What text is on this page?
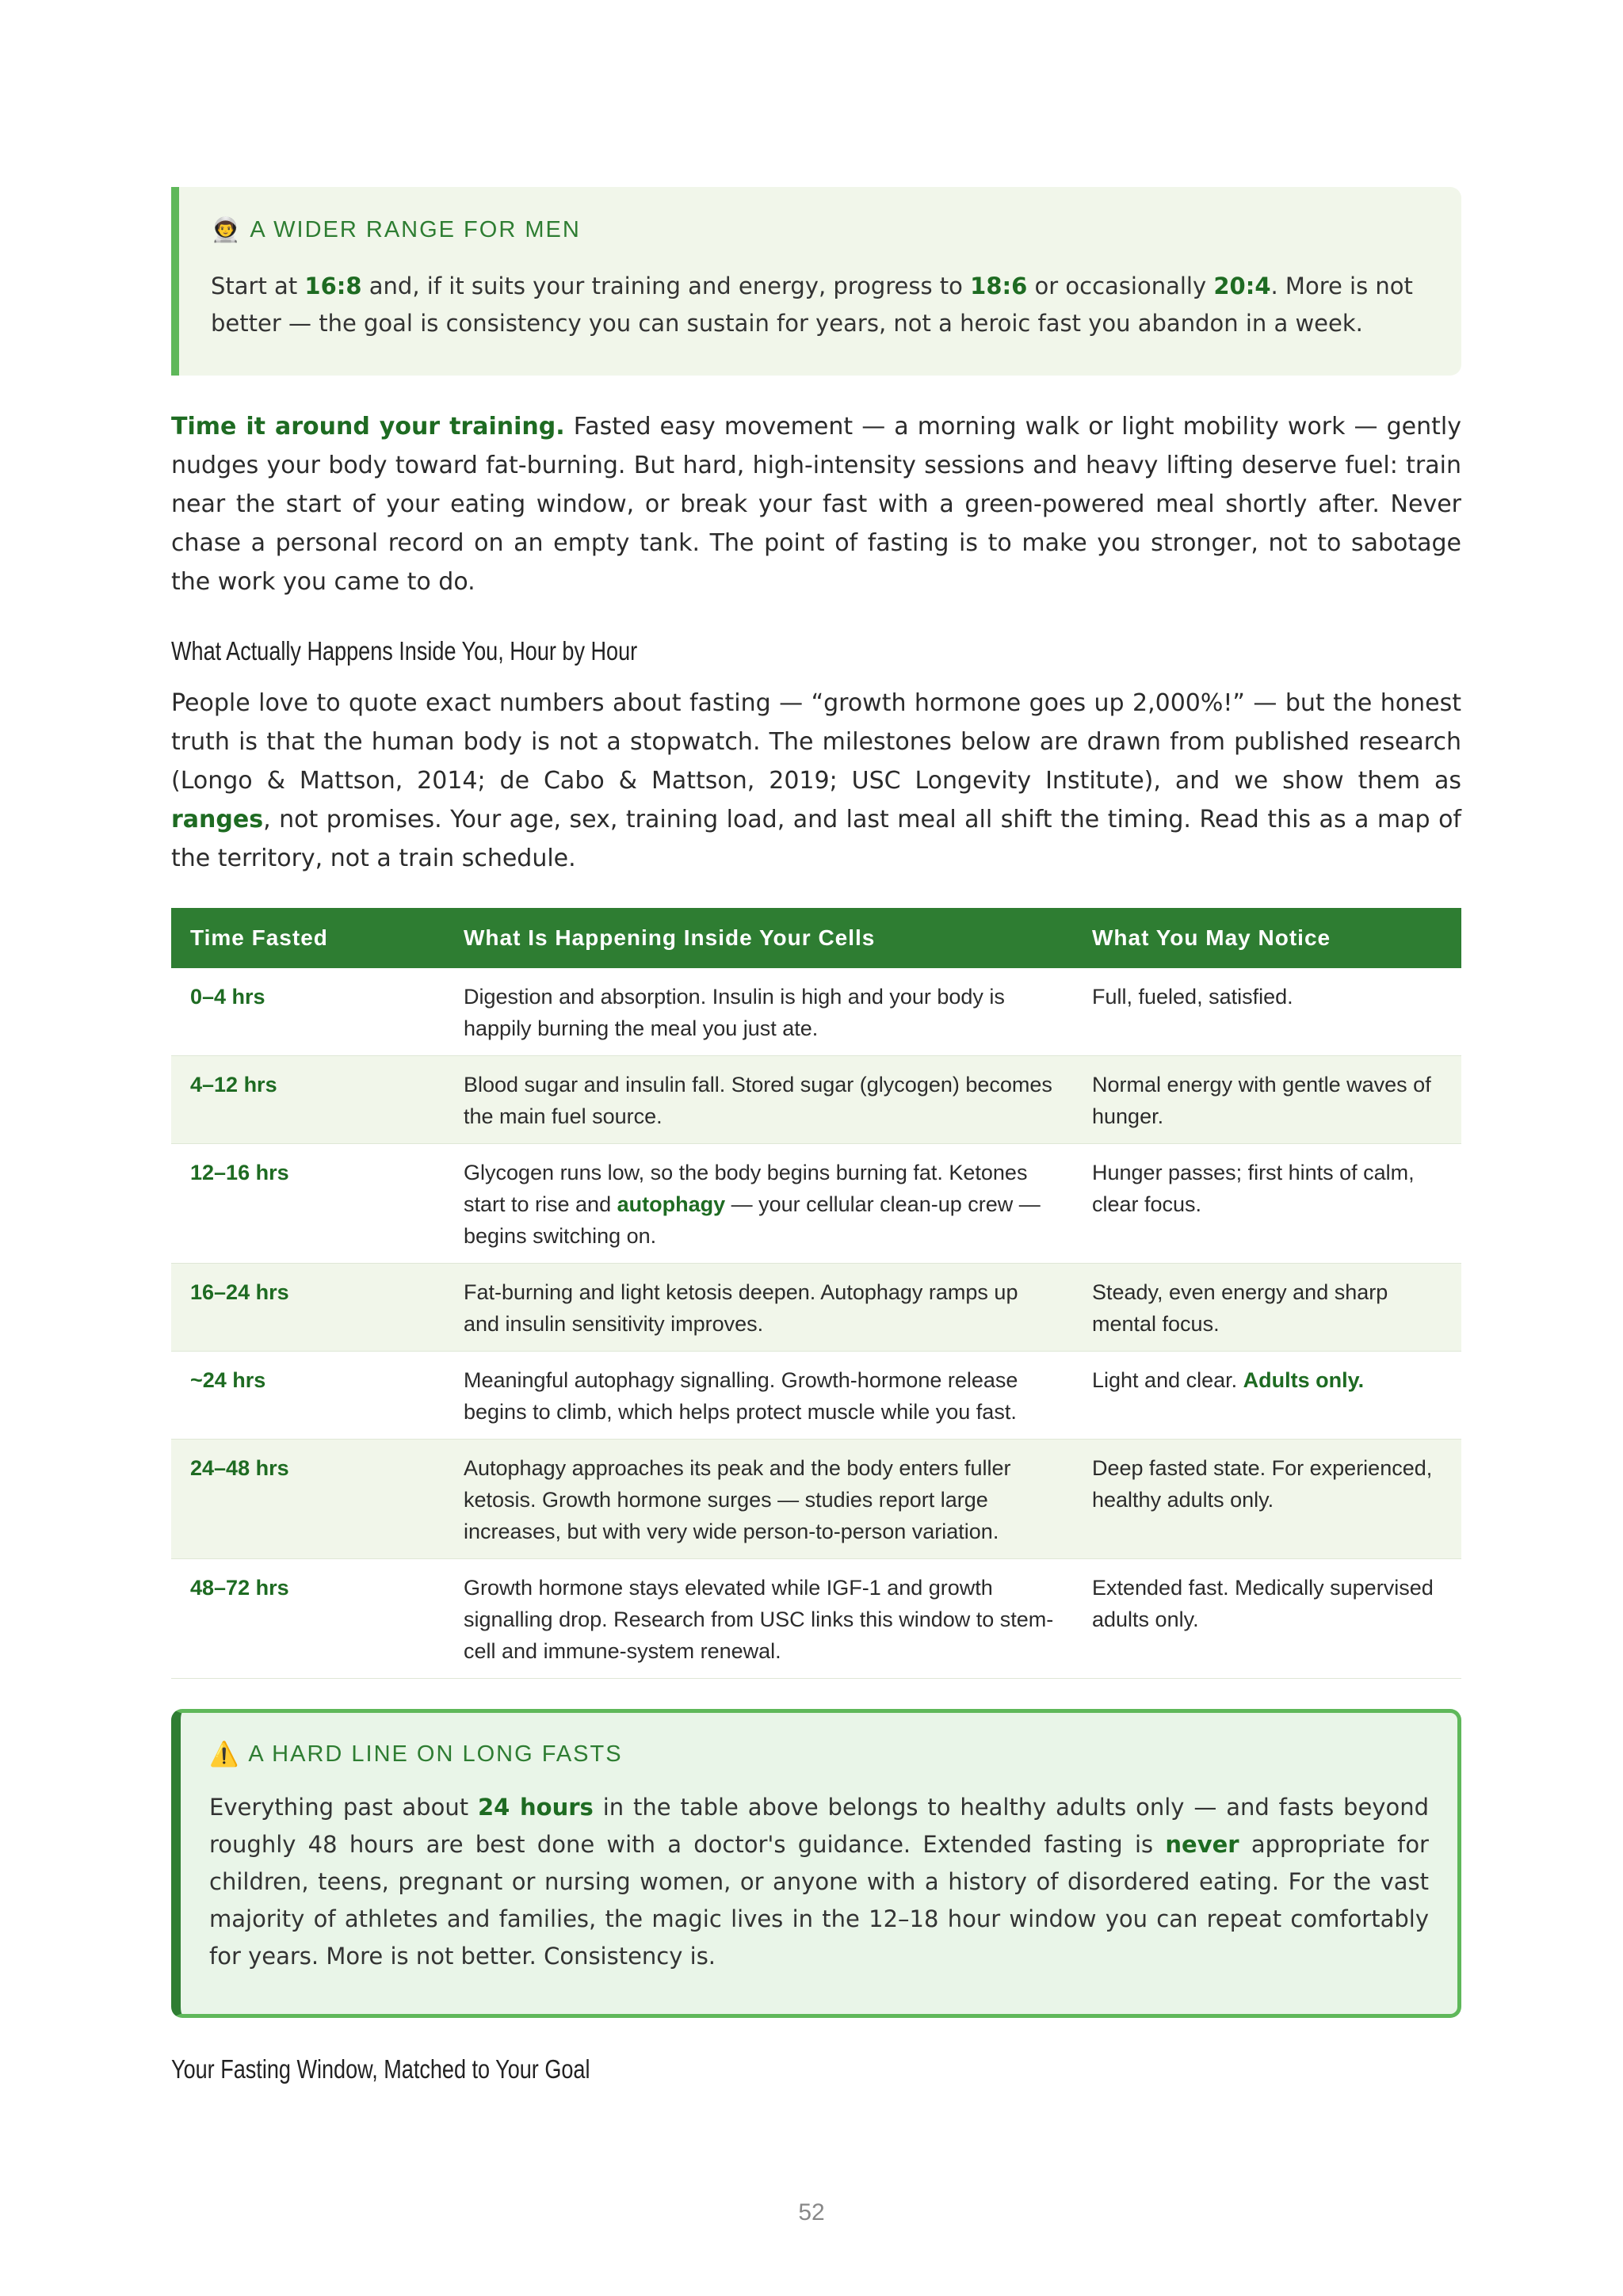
👨‍🚀 A WIDER RANGE FOR MEN

Start at 16:8 and, if it suits your training and energy, progress to 18:6 or occasionally 20:4. More is not better — the goal is consistency you can sustain for years, not a heroic fast you abandon in a week.

Time it around your training. Fasted easy movement — a morning walk or light mobility work — gently nudges your body toward fat-burning. But hard, high-intensity sessions and heavy lifting deserve fuel: train near the start of your eating window, or break your fast with a green-powered meal shortly after. Never chase a personal record on an empty tank. The point of fasting is to make you stronger, not to sabotage the work you came to do.

What Actually Happens Inside You, Hour by Hour

People love to quote exact numbers about fasting — “growth hormone goes up 2,000%!” — but the honest truth is that the human body is not a stopwatch. The milestones below are drawn from published research (Longo & Mattson, 2014; de Cabo & Mattson, 2019; USC Longevity Institute), and we show them as ranges, not promises. Your age, sex, training load, and last meal all shift the timing. Read this as a map of the territory, not a train schedule.

Time Fasted	What Is Happening Inside Your Cells	What You May Notice
0–4 hrs	Digestion and absorption. Insulin is high and your body is happily burning the meal you just ate.	Full, fueled, satisfied.
4–12 hrs	Blood sugar and insulin fall. Stored sugar (glycogen) becomes the main fuel source.	Normal energy with gentle waves of hunger.
12–16 hrs	Glycogen runs low, so the body begins burning fat. Ketones start to rise and autophagy — your cellular clean-up crew — begins switching on.	Hunger passes; first hints of calm, clear focus.
16–24 hrs	Fat-burning and light ketosis deepen. Autophagy ramps up and insulin sensitivity improves.	Steady, even energy and sharp mental focus.
~24 hrs	Meaningful autophagy signalling. Growth-hormone release begins to climb, which helps protect muscle while you fast.	Light and clear. Adults only.
24–48 hrs	Autophagy approaches its peak and the body enters fuller ketosis. Growth hormone surges — studies report large increases, but with very wide person-to-person variation.	Deep fasted state. For experienced, healthy adults only.
48–72 hrs	Growth hormone stays elevated while IGF-1 and growth signalling drop. Research from USC links this window to stem-cell and immune-system renewal.	Extended fast. Medically supervised adults only.
⚠️ A HARD LINE ON LONG FASTS

Everything past about 24 hours in the table above belongs to healthy adults only — and fasts beyond roughly 48 hours are best done with a doctor's guidance. Extended fasting is never appropriate for children, teens, pregnant or nursing women, or anyone with a history of disordered eating. For the vast majority of athletes and families, the magic lives in the 12–18 hour window you can repeat comfortably for years. More is not better. Consistency is.

Your Fasting Window, Matched to Your Goal
52
